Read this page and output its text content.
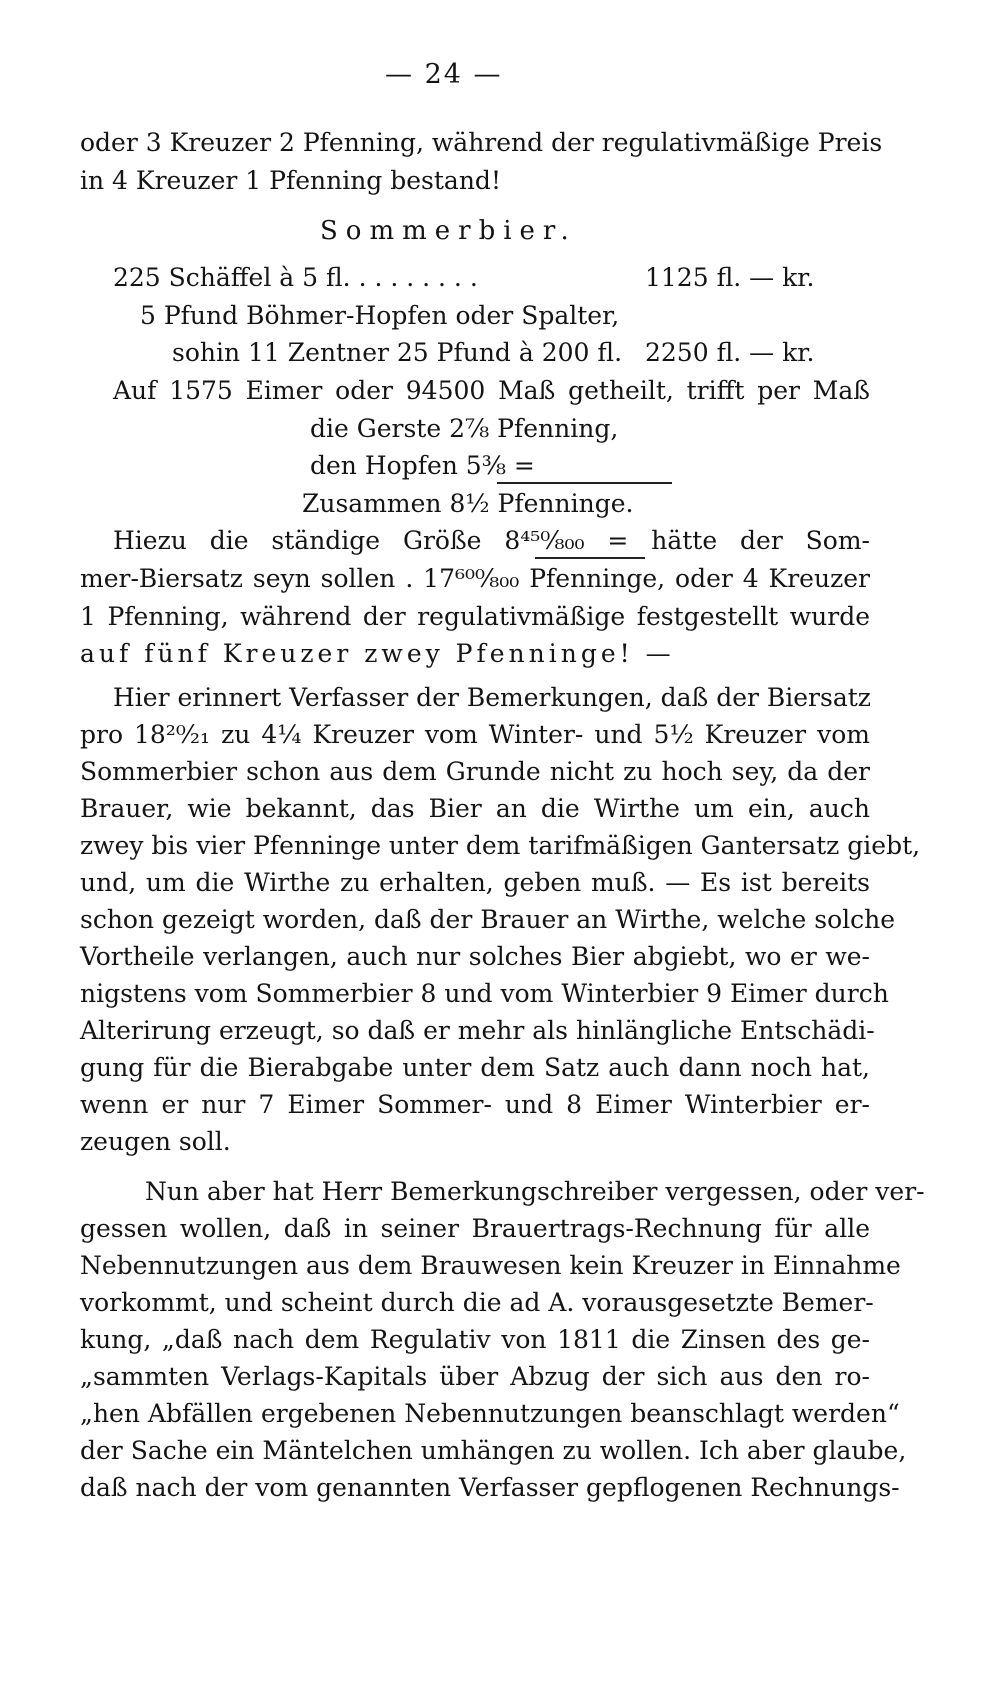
— 24 —
oder 3 Kreuzer 2 Pfenning, während der regulativmäßige Preis
in 4 Kreuzer 1 Pfenning bestand!
Sommerbier.
225 Schäffel à 5 fl. . . . . . . . .	1125 fl. — kr.
5 Pfund Böhmer-Hopfen oder Spalter,
sohin 11 Zentner 25 Pfund à 200 fl. 2250 fl. — kr.
Auf 1575 Eimer oder 94500 Maß getheilt, trifft per Maß
die Gerste 2⅞ Pfenning,
den Hopfen 5⅜ =
Zusammen 8½ Pfenninge.
Hiezu die ständige Größe 8⁴⁵⁰⁄₈₀₀ = hätte der Som-
mer-Biersatz seyn sollen . 17⁶⁰⁰⁄₈₀₀ Pfenninge, oder 4 Kreuzer
1 Pfenning, während der regulativmäßige festgestellt wurde
auf fünf Kreuzer zwey Pfenninge! —
Hier erinnert Verfasser der Bemerkungen, daß der Biersatz
pro 18²⁰⁄₂₁ zu 4¼ Kreuzer vom Winter- und 5½ Kreuzer vom
Sommerbier schon aus dem Grunde nicht zu hoch sey, da der
Brauer, wie bekannt, das Bier an die Wirthe um ein, auch
zwey bis vier Pfenninge unter dem tarifmäßigen Gantersatz giebt,
und, um die Wirthe zu erhalten, geben muß. — Es ist bereits
schon gezeigt worden, daß der Brauer an Wirthe, welche solche
Vortheile verlangen, auch nur solches Bier abgiebt, wo er we-
nigstens vom Sommerbier 8 und vom Winterbier 9 Eimer durch
Alterirung erzeugt, so daß er mehr als hinlängliche Entschädi-
gung für die Bierabgabe unter dem Satz auch dann noch hat,
wenn er nur 7 Eimer Sommer- und 8 Eimer Winterbier er-
zeugen soll.
Nun aber hat Herr Bemerkungschreiber vergessen, oder ver-
gessen wollen, daß in seiner Brauertrags-Rechnung für alle
Nebennutzungen aus dem Brauwesen kein Kreuzer in Einnahme
vorkommt, und scheint durch die ad A. vorausgesetzte Bemer-
kung, „daß nach dem Regulativ von 1811 die Zinsen des ge-
„sammten Verlags-Kapitals über Abzug der sich aus den ro-
„hen Abfällen ergebenen Nebennutzungen beanschlagt werden“
der Sache ein Mäntelchen umhängen zu wollen. Ich aber glaube,
daß nach der vom genannten Verfasser gepflogenen Rechnungs-
